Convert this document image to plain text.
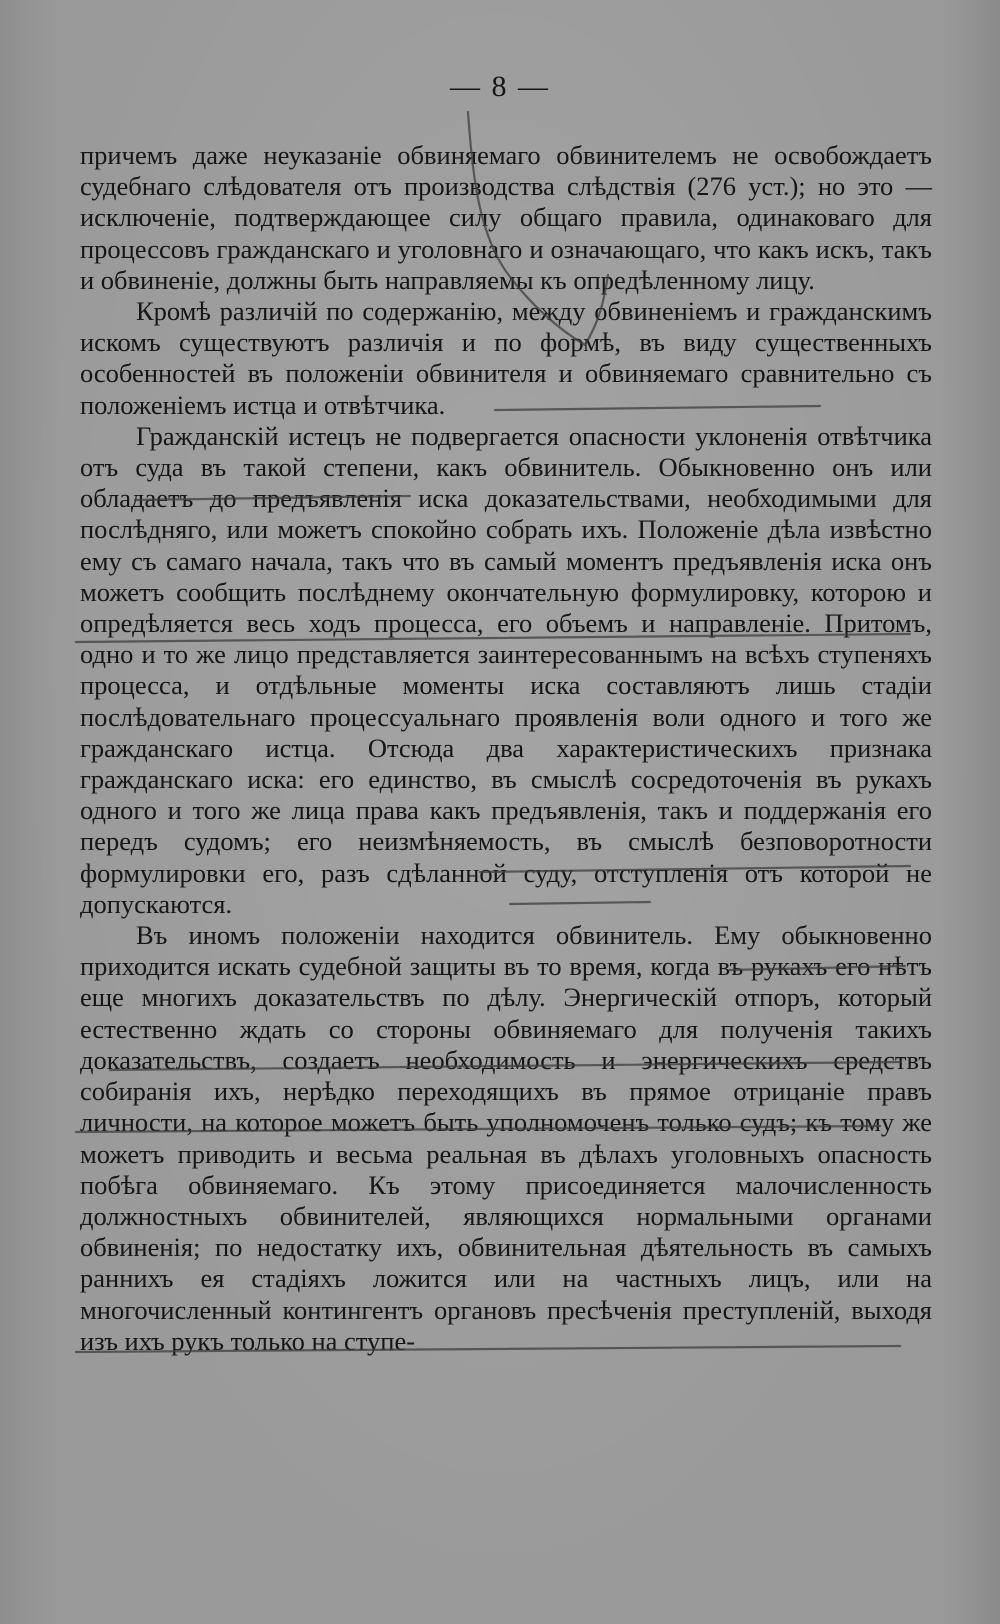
— 8 —

причемъ даже неуказаніе обвиняемаго обвинителемъ не освобождаетъ судебнаго слѣдователя отъ производства слѣдствія (276 уст.); но это — исключеніе, подтверждающее силу общаго правила, одинаковаго для процессовъ гражданскаго и уголовнаго и означающаго, что какъ искъ, такъ и обвиненіе, должны быть направляемы къ опредѣленному лицу.

Кромѣ различій по содержанію, между обвиненіемъ и гражданскимъ искомъ существуютъ различія и по формѣ, въ виду существенныхъ особенностей въ положеніи обвинителя и обвиняемаго сравнительно съ положеніемъ истца и отвѣтчика.

Гражданскій истецъ не подвергается опасности уклоненія отвѣтчика отъ суда въ такой степени, какъ обвинитель. Обыкновенно онъ или обладаетъ до предъявленія иска доказательствами, необходимыми для послѣдняго, или можетъ спокойно собрать ихъ. Положеніе дѣла извѣстно ему съ самаго начала, такъ что въ самый моментъ предъявленія иска онъ можетъ сообщить послѣднему окончательную формулировку, которою и опредѣляется весь ходъ процесса, его объемъ и направленіе. Притомъ, одно и то же лицо представляется заинтересованнымъ на всѣхъ ступеняхъ процесса, и отдѣльные моменты иска составляютъ лишь стадіи послѣдовательнаго процессуальнаго проявленія воли одного и того же гражданскаго истца. Отсюда два характеристическихъ признака гражданскаго иска: его единство, въ смыслѣ сосредоточенія въ рукахъ одного и того же лица права какъ предъявленія, такъ и поддержанія его передъ судомъ; его неизмѣняемость, въ смыслѣ безповоротности формулировки его, разъ сдѣланной суду, отступленія отъ которой не допускаются.

Въ иномъ положеніи находится обвинитель. Ему обыкновенно приходится искать судебной защиты въ то время, когда въ рукахъ его нѣтъ еще многихъ доказательствъ по дѣлу. Энергическій отпоръ, который естественно ждать со стороны обвиняемаго для полученія такихъ доказательствъ, создаетъ необходимость и энергическихъ средствъ собиранія ихъ, нерѣдко переходящихъ въ прямое отрицаніе правъ личности, на которое можетъ быть уполномоченъ только судъ; къ тому же можетъ приводить и весьма реальная въ дѣлахъ уголовныхъ опасность побѣга обвиняемаго. Къ этому присоединяется малочисленность должностныхъ обвинителей, являющихся нормальными органами обвиненія; по недостатку ихъ, обвинительная дѣятельность въ самыхъ раннихъ ея стадіяхъ ложится или на частныхъ лицъ, или на многочисленный контингентъ органовъ пресѣченія преступленій, выходя изъ ихъ рукъ только на ступе-
